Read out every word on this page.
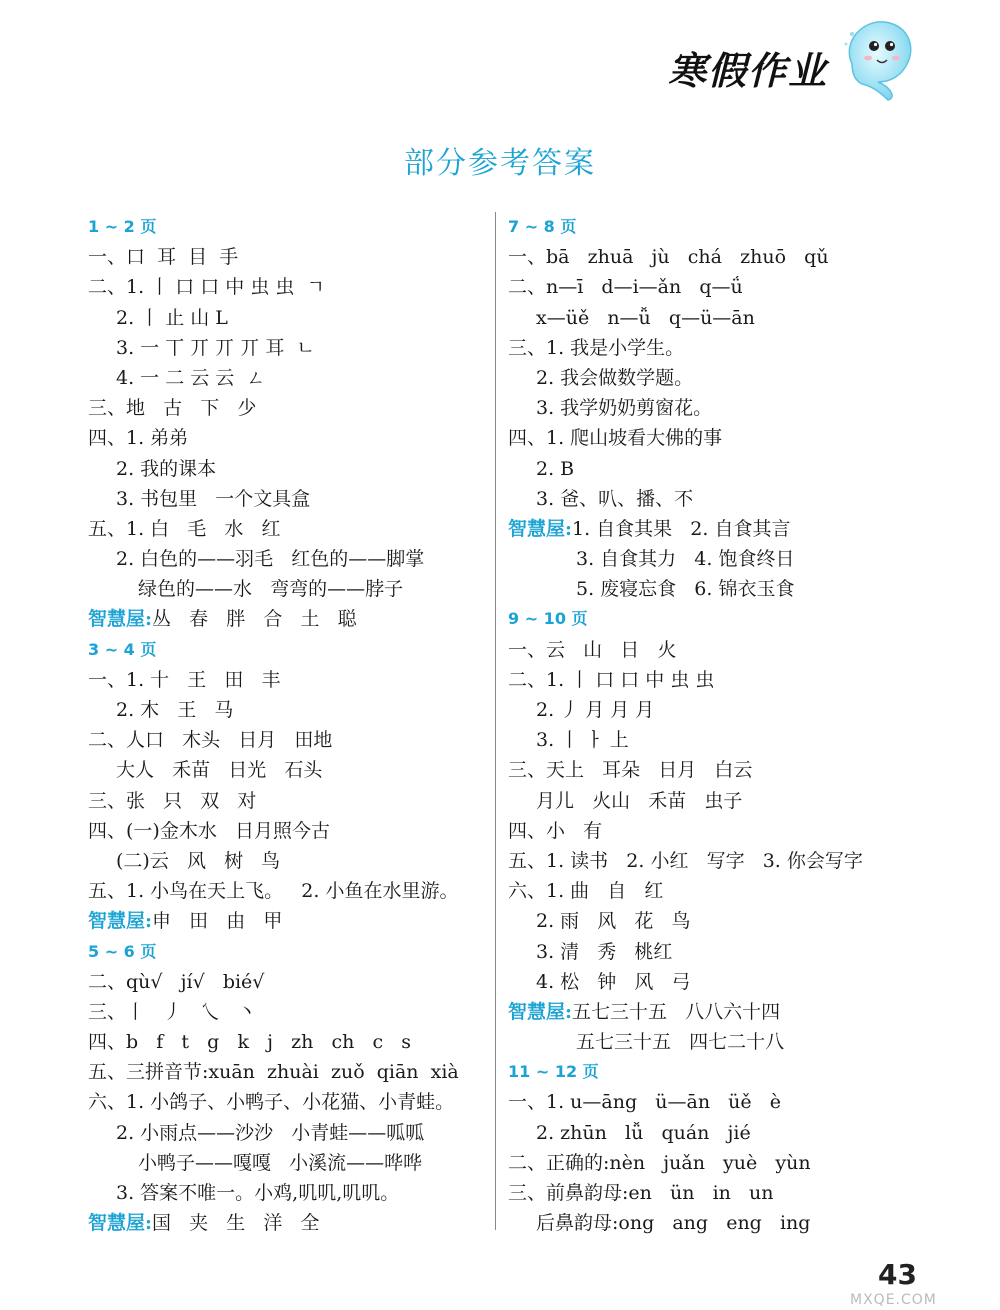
寒假作业
部分参考答案
1 ~ 2 页
一、口  耳  目  手
二、1. 丨 口 口 中 虫 虫  ㄱ
2. 丨 止 山 L
3. 一 丅 丌 丌 丌 耳  ㄴ
4. 一 二 云 云  ㄥ
三、地   古   下   少
四、1. 弟弟
2. 我的课本
3. 书包里   一个文具盒
五、1. 白   毛   水   红
2. 白色的——羽毛   红色的——脚掌
绿色的——水   弯弯的——脖子
智慧屋:丛   春   胖   合   土   聪
3 ~ 4 页
一、1. 十   王   田   丰
2. 木   王   马
二、人口   木头   日月   田地
大人   禾苗   日光   石头
三、张   只   双   对
四、(一)金木水   日月照今古
(二)云   风   树   鸟
五、1. 小鸟在天上飞。   2. 小鱼在水里游。
智慧屋:申   田   由   甲
5 ~ 6 页
二、qù√   jí√   bié√
三、丨   丿   乀   丶
四、b   f   t   g   k   j   zh   ch   c   s
五、三拼音节:xuān  zhuài  zuǒ  qiān  xià
六、1. 小鸽子、小鸭子、小花猫、小青蛙。
2. 小雨点——沙沙   小青蛙——呱呱
小鸭子——嘎嘎   小溪流——哗哗
3. 答案不唯一。小鸡,叽叽,叽叽。
智慧屋:国   夹   生   洋   全
7 ~ 8 页
一、bā   zhuā   jù   chá   zhuō   qǔ
二、n—ī   d—i—ǎn   q—ǘ
x—üě   n—ǚ   q—ü—ān
三、1. 我是小学生。
2. 我会做数学题。
3. 我学奶奶剪窗花。
四、1. 爬山坡看大佛的事
2. B
3. 爸、叭、播、不
智慧屋:1. 自食其果   2. 自食其言
3. 自食其力   4. 饱食终日
5. 废寝忘食   6. 锦衣玉食
9 ~ 10 页
一、云   山   日   火
二、1. 丨 口 口 中 虫 虫
2. 丿 月 月 月
3. 丨 ㅏ 上
三、天上   耳朵   日月   白云
月儿   火山   禾苗   虫子
四、小   有
五、1. 读书   2. 小红   写字   3. 你会写字
六、1. 曲   自   红
2. 雨   风   花   鸟
3. 清   秀   桃红
4. 松   钟   风   弓
智慧屋:五七三十五   八八六十四
五七三十五   四七二十八
11 ~ 12 页
一、1. u—āng   ü—ān   üě   è
2. zhūn   lǚ   quán   jié
二、正确的:nèn   juǎn   yuè   yùn
三、前鼻韵母:en   ün   in   un
后鼻韵母:ong   ang   eng   ing
43
MXQE.COM
